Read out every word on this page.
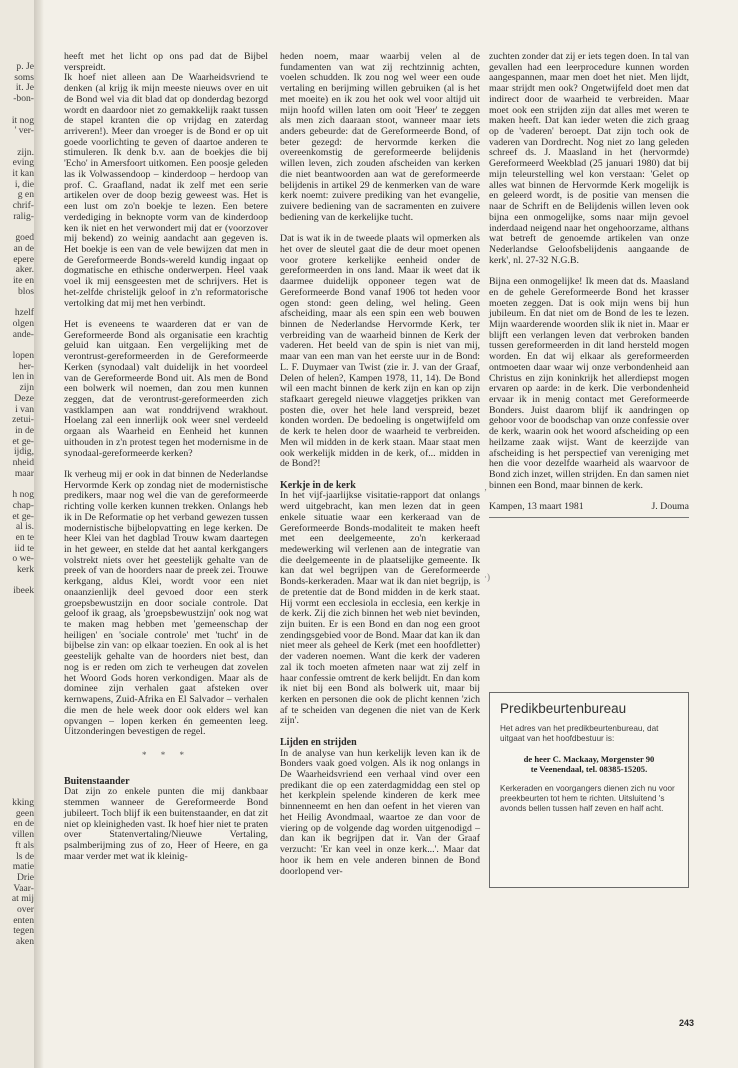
p. Je
soms
it. Je
-bon-

it nog
' ver-

zijn.
eving
it kan
i, die
g en
chrif-
ralig-

goed
an de
epere
aker.
ite en
blos

hzelf
olgen
ande-

lopen
her-
len in
zijn
Deze
i van
zetui-
in de
et ge-
ijdig,
nheid
maar

h nog
chap-
et ge-
al is.
en te
iid te
o we-
kerk

ibeek
kking
geen
en de
villen
ft als
ls de
matie
Drie
Vaar-
at mij
over
enten
tegen
aken

heeft met het licht op ons pad dat de Bijbel verspreidt.

Ik hoef niet alleen aan De Waarheidsvriend te denken (al krijg ik mijn meeste nieuws over en uit de Bond wel via dit blad dat op donderdag bezorgd wordt en daardoor niet zo gemakkelijk raakt tussen de stapel kranten die op vrijdag en zaterdag arriveren!). Meer dan vroeger is de Bond er op uit goede voorlichting te geven of daartoe anderen te stimuleren. Ik denk b.v. aan de boekjes die bij 'Echo' in Amersfoort uitkomen. Een poosje geleden las ik Volwassendoop – kinderdoop – herdoop van prof. C. Graafland, nadat ik zelf met een serie artikelen over de doop bezig geweest was. Het is een lust om zo'n boekje te lezen. Een betere verdediging in beknopte vorm van de kinderdoop ken ik niet en het verwondert mij dat er (voorzover mij bekend) zo weinig aandacht aan gegeven is. Het boekje is een van de vele bewijzen dat men in de Gereformeerde Bonds-wereld kundig ingaat op dogmatische en ethische onderwerpen. Heel vaak voel ik mij eensgeesten met de schrijvers. Het is het-zelfde christelijk geloof in z'n reformatorische vertolking dat mij met hen verbindt.

Het is eveneens te waarderen dat er van de Gereformeerde Bond als organisatie een krachtig geluid kan uitgaan. Een vergelijking met de verontrust-gereformeerden in de Gereformeerde Kerken (synodaal) valt duidelijk in het voordeel van de Gereformeerde Bond uit. Als men de Bond een bolwerk wil noemen, dan zou men kunnen zeggen, dat de verontrust-gereformeerden zich vastklampen aan wat ronddrijvend wrakhout. Hoelang zal een innerlijk ook weer snel verdeeld orgaan als Waarheid en Eenheid het kunnen uithouden in z'n protest tegen het modernisme in de synodaal-gereformeerde kerken?

Ik verheug mij er ook in dat binnen de Nederlandse Hervormde Kerk op zondag niet de modernistische predikers, maar nog wel die van de gereformeerde richting volle kerken kunnen trekken. Onlangs heb ik in De Reformatie op het verband gewezen tussen modernistische bijbelopvatting en lege kerken. De heer Klei van het dagblad Trouw kwam daartegen in het geweer, en stelde dat het aantal kerkgangers volstrekt niets over het geestelijk gehalte van de preek of van de hoorders naar de preek zei. Trouwe kerkgang, aldus Klei, wordt voor een niet onaanzienlijk deel gevoed door een sterk groepsbewustzijn en door sociale controle. Dat geloof ik graag, als 'groepsbewustzijn' ook nog wat te maken mag hebben met 'gemeenschap der heiligen' en 'sociale controle' met 'tucht' in de bijbelse zin van: op elkaar toezien. En ook al is het geestelijk gehalte van de hoorders niet best, dan nog is er reden om zich te verheugen dat zovelen het Woord Gods horen verkondigen. Maar als de dominee zijn verhalen gaat afsteken over kernwapens, Zuid-Afrika en El Salvador – verhalen die men de hele week door ook elders wel kan opvangen – lopen kerken én gemeenten leeg. Uitzonderingen bevestigen de regel.

* * *
Buitenstaander

Dat zijn zo enkele punten die mij dankbaar stemmen wanneer de Gereformeerde Bond jubileert. Toch blijf ik een buitenstaander, en dat zit niet op kleinigheden vast. Ik hoef hier niet te praten over Statenvertaling/Nieuwe Vertaling, psalmberijming zus of zo, Heer of Heere, en ga maar verder met wat ik kleinig-

heden noem, maar waarbij velen al de fundamenten van wat zij rechtzinnig achten, voelen schudden. Ik zou nog wel weer een oude vertaling en berijming willen gebruiken (al is het met moeite) en ik zou het ook wel voor altijd uit mijn hoofd willen laten om ooit 'Heer' te zeggen als men zich daaraan stoot, wanneer maar iets anders gebeurde: dat de Gereformeerde Bond, of beter gezegd: de hervormde kerken die overeenkomstig de gereformeerde belijdenis willen leven, zich zouden afscheiden van kerken die niet beantwoorden aan wat de gereformeerde belijdenis in artikel 29 de kenmerken van de ware kerk noemt: zuivere prediking van het evangelie, zuivere bediening van de sacramenten en zuivere bediening van de kerkelijke tucht.

Dat is wat ik in de tweede plaats wil opmerken als het over de sleutel gaat die de deur moet openen voor grotere kerkelijke eenheid onder de gereformeerden in ons land. Maar ik weet dat ik daarmee duidelijk opponeer tegen wat de Gereformeerde Bond vanaf 1906 tot heden voor ogen stond: geen deling, wel heling. Geen afscheiding, maar als een spin een web bouwen binnen de Nederlandse Hervormde Kerk, ter verbreiding van de waarheid binnen de Kerk der vaderen. Het beeld van de spin is niet van mij, maar van een man van het eerste uur in de Bond: L. F. Duymaer van Twist (zie ir. J. van der Graaf, Delen of helen?, Kampen 1978, 11, 14). De Bond wil een macht binnen de kerk zijn en kan op zijn stafkaart geregeld nieuwe vlaggetjes prikken van posten die, over het hele land verspreid, bezet konden worden. De bedoeling is ongetwijfeld om de kerk te helen door de waarheid te verbreiden. Men wil midden in de kerk staan. Maar staat men ook werkelijk midden in de kerk, of... midden in de Bond?!

Kerkje in de kerk

In het vijf-jaarlijkse visitatie-rapport dat onlangs werd uitgebracht, kan men lezen dat in geen enkele situatie waar een kerkeraad van de Gereformeerde Bonds-modaliteit te maken heeft met een deelgemeente, zo'n kerkeraad medewerking wil verlenen aan de integratie van die deelgemeente in de plaatselijke gemeente. Ik kan dat wel begrijpen van de Gereformeerde Bonds-kerkeraden. Maar wat ik dan niet begrijp, is de pretentie dat de Bond midden in de kerk staat. Hij vormt een ecclesiola in ecclesia, een kerkje in de kerk. Zij die zich binnen het web niet bevinden, zijn buiten. Er is een Bond en dan nog een groot zendingsgebied voor de Bond. Maar dat kan ik dan niet meer als geheel de Kerk (met een hoofdletter) der vaderen noemen. Want die kerk der vaderen zal ik toch moeten afmeten naar wat zij zelf in haar confessie omtrent de kerk belijdt. En dan kom ik niet bij een Bond als bolwerk uit, maar bij kerken en personen die ook de plicht kennen 'zich af te scheiden van degenen die niet van de Kerk zijn'.

Lijden en strijden

In de analyse van hun kerkelijk leven kan ik de Bonders vaak goed volgen. Als ik nog onlangs in De Waarheidsvriend een verhaal vind over een predikant die op een zaterdagmiddag een stel op het kerkplein spelende kinderen de kerk mee binnenneemt en hen dan oefent in het vieren van het Heilig Avondmaal, waartoe ze dan voor de viering op de volgende dag worden uitgenodigd – dan kan ik begrijpen dat ir. Van der Graaf verzucht: 'Er kan veel in onze kerk...'. Maar dat hoor ik hem en vele anderen binnen de Bond doorlopend ver-

zuchten zonder dat zij er iets tegen doen. In tal van gevallen had een leerprocedure kunnen worden aangespannen, maar men doet het niet. Men lijdt, maar strijdt men ook? Ongetwijfeld doet men dat indirect door de waarheid te verbreiden. Maar moet ook een strijden zijn dat alles met weren te maken heeft. Dat kan ieder weten die zich graag op de 'vaderen' beroept. Dat zijn toch ook de vaderen van Dordrecht. Nog niet zo lang geleden schreef ds. J. Maasland in het (hervormde) Gereformeerd Weekblad (25 januari 1980) dat bij mijn teleurstelling wel kon verstaan: 'Gelet op alles wat binnen de Hervormde Kerk mogelijk is en geleerd wordt, is de positie van mensen die naar de Schrift en de Belijdenis willen leven ook bijna een onmogelijke, soms naar mijn gevoel inderdaad neigend naar het ongehoorzame, althans wat betreft de genoemde artikelen van onze Nederlandse Geloofsbelijdenis aangaande de kerk', nl. 27-32 N.G.B.

Bijna een onmogelijke! Ik meen dat ds. Maasland en de gehele Gereformeerde Bond het krasser moeten zeggen. Dat is ook mijn wens bij hun jubileum. En dat niet om de Bond de les te lezen. Mijn waarderende woorden slik ik niet in. Maar er blijft een verlangen leven dat verbroken banden tussen gereformeerden in dit land hersteld mogen worden. En dat wij elkaar als gereformeerden ontmoeten daar waar wij onze verbondenheid aan Christus en zijn koninkrijk het allerdiepst mogen ervaren op aarde: in de kerk. Die verbondenheid ervaar ik in menig contact met Gereformeerde Bonders. Juist daarom blijf ik aandringen op gehoor voor de boodschap van onze confessie over de kerk, waarin ook het woord afscheiding op een heilzame zaak wijst. Want de keerzijde van afscheiding is het perspectief van vereniging met hen die voor dezelfde waarheid als waarvoor de Bond zich inzet, willen strijden. En dan samen niet binnen een Bond, maar binnen de kerk.

Kampen, 13 maart 1981	J. Douma
Predikbeurtenbureau

Het adres van het predikbeurtenbureau, dat uitgaat van het hoofdbestuur is:

de heer C. Mackaay, Morgenster 90
te Veenendaal, tel. 08385-15205.

Kerkeraden en voorgangers dienen zich nu voor preekbeurten tot hem te richten. Uitsluitend 's avonds bellen tussen half zeven en half acht.

‚
·)
243
